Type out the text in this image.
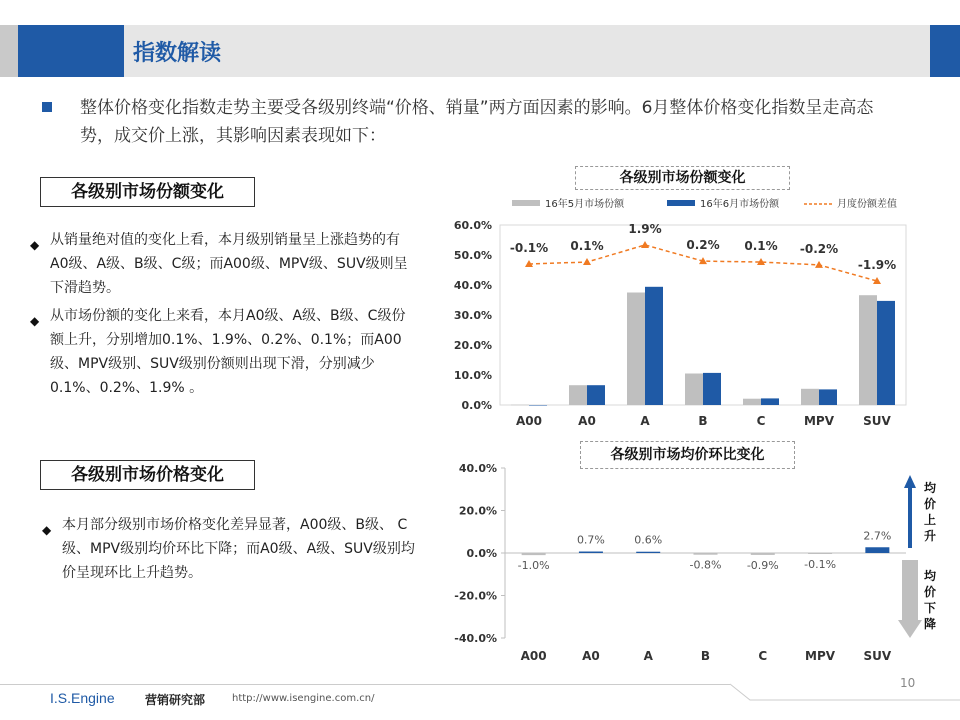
指数解读
整体价格变化指数走势主要受各级别终端“价格、销量”两方面因素的影响。6月整体价格变化指数呈走高态势，成交价上涨，其影响因素表现如下：
各级别市场份额变化
◆ 从销量绝对值的变化上看，本月级别销量呈上涨趋势的有A0级、A级、B级、C级；而A00级、MPV级、SUV级则呈下滑趋势。
◆ 从市场份额的变化上来看，本月A0级、A级、B级、C级份额上升，分别增加0.1%、1.9%、0.2%、0.1%；而A00级、MPV级别、SUV级别份额则出现下滑，分别减少0.1%、0.2%、1.9% 。
各级别市场价格变化
◆ 本月部分级别市场价格变化差异显著，A00级、B级、 C级、MPV级别均价环比下降；而A0级、A级、SUV级别均价呈现环比上升趋势。
60.0%
50.0%
40.0%
30.0%
20.0%
10.0%
0.0%
16年5月市场份额	16年6月市场份额	月度份额差值
A00	A0	A	B	C	MPV SUV
-0.1% 0.1%
1.9%
0.2% 0.1% -0.2%
-1.9%
40.0%
20.0%
0.0%
-20.0%
-40.0%
-1.0%
A00
0.7%
A0
0.6%
A
-0.8%
B
-0.9%
C
-0.1%
MPV
2.7%
SUV
均
价
上
升
均
价
下
降
各级别市场份额变化
各级别市场均价环比变化
I.S.Engine	营销研究部	http://www.isengine.com.cn/
10
